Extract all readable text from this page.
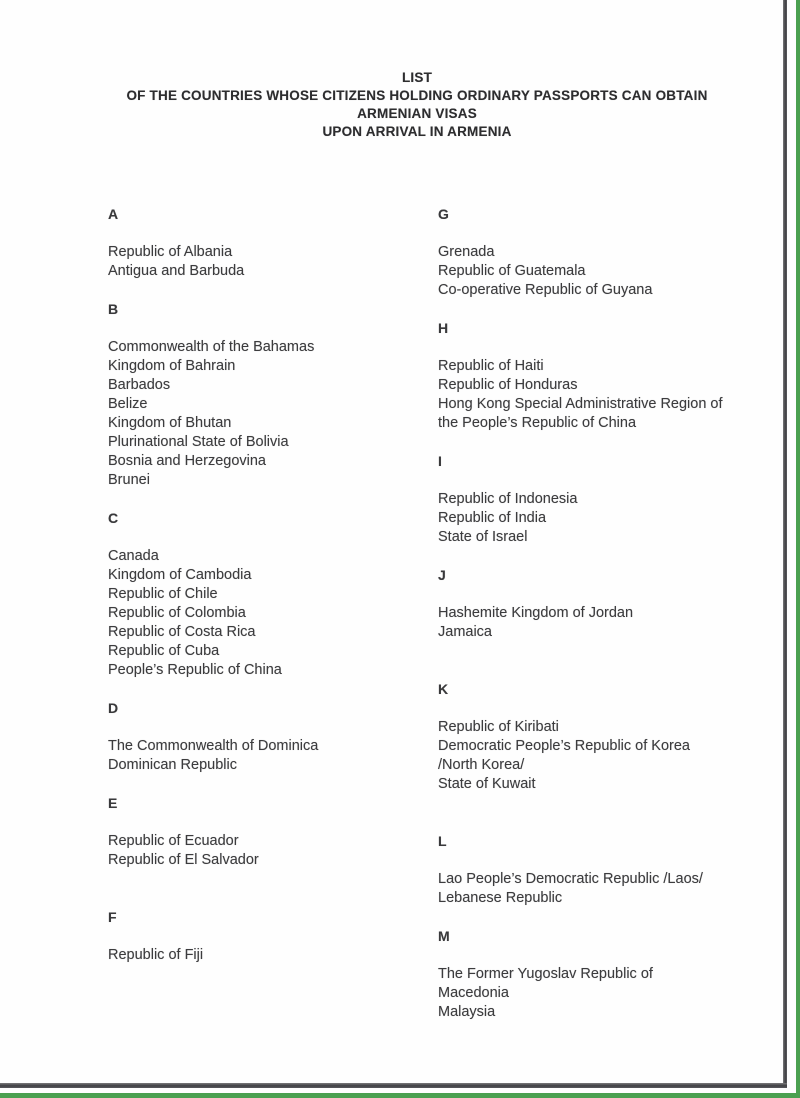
LIST
OF THE COUNTRIES WHOSE CITIZENS HOLDING ORDINARY PASSPORTS CAN OBTAIN
ARMENIAN VISAS
UPON ARRIVAL IN ARMENIA
A
Republic of Albania
Antigua and Barbuda
B
Commonwealth of the Bahamas
Kingdom of Bahrain
Barbados
Belize
Kingdom of Bhutan
Plurinational State of Bolivia
Bosnia and Herzegovina
Brunei
C
Canada
Kingdom of Cambodia
Republic of Chile
Republic of Colombia
Republic of Costa Rica
Republic of Cuba
People’s Republic of China
D
The Commonwealth of Dominica
Dominican Republic
E
Republic of Ecuador
Republic of El Salvador
F
Republic of Fiji
G
Grenada
Republic of Guatemala
Co-operative Republic of Guyana
H
Republic of Haiti
Republic of Honduras
Hong Kong Special Administrative Region of
the People’s Republic of China
I
Republic of Indonesia
Republic of India
State of Israel
J
Hashemite Kingdom of Jordan
Jamaica
K
Republic of Kiribati
Democratic People’s Republic of Korea
/North Korea/
State of Kuwait
L
Lao People’s Democratic Republic /Laos/
Lebanese Republic
M
The Former Yugoslav Republic of
Macedonia
Malaysia
